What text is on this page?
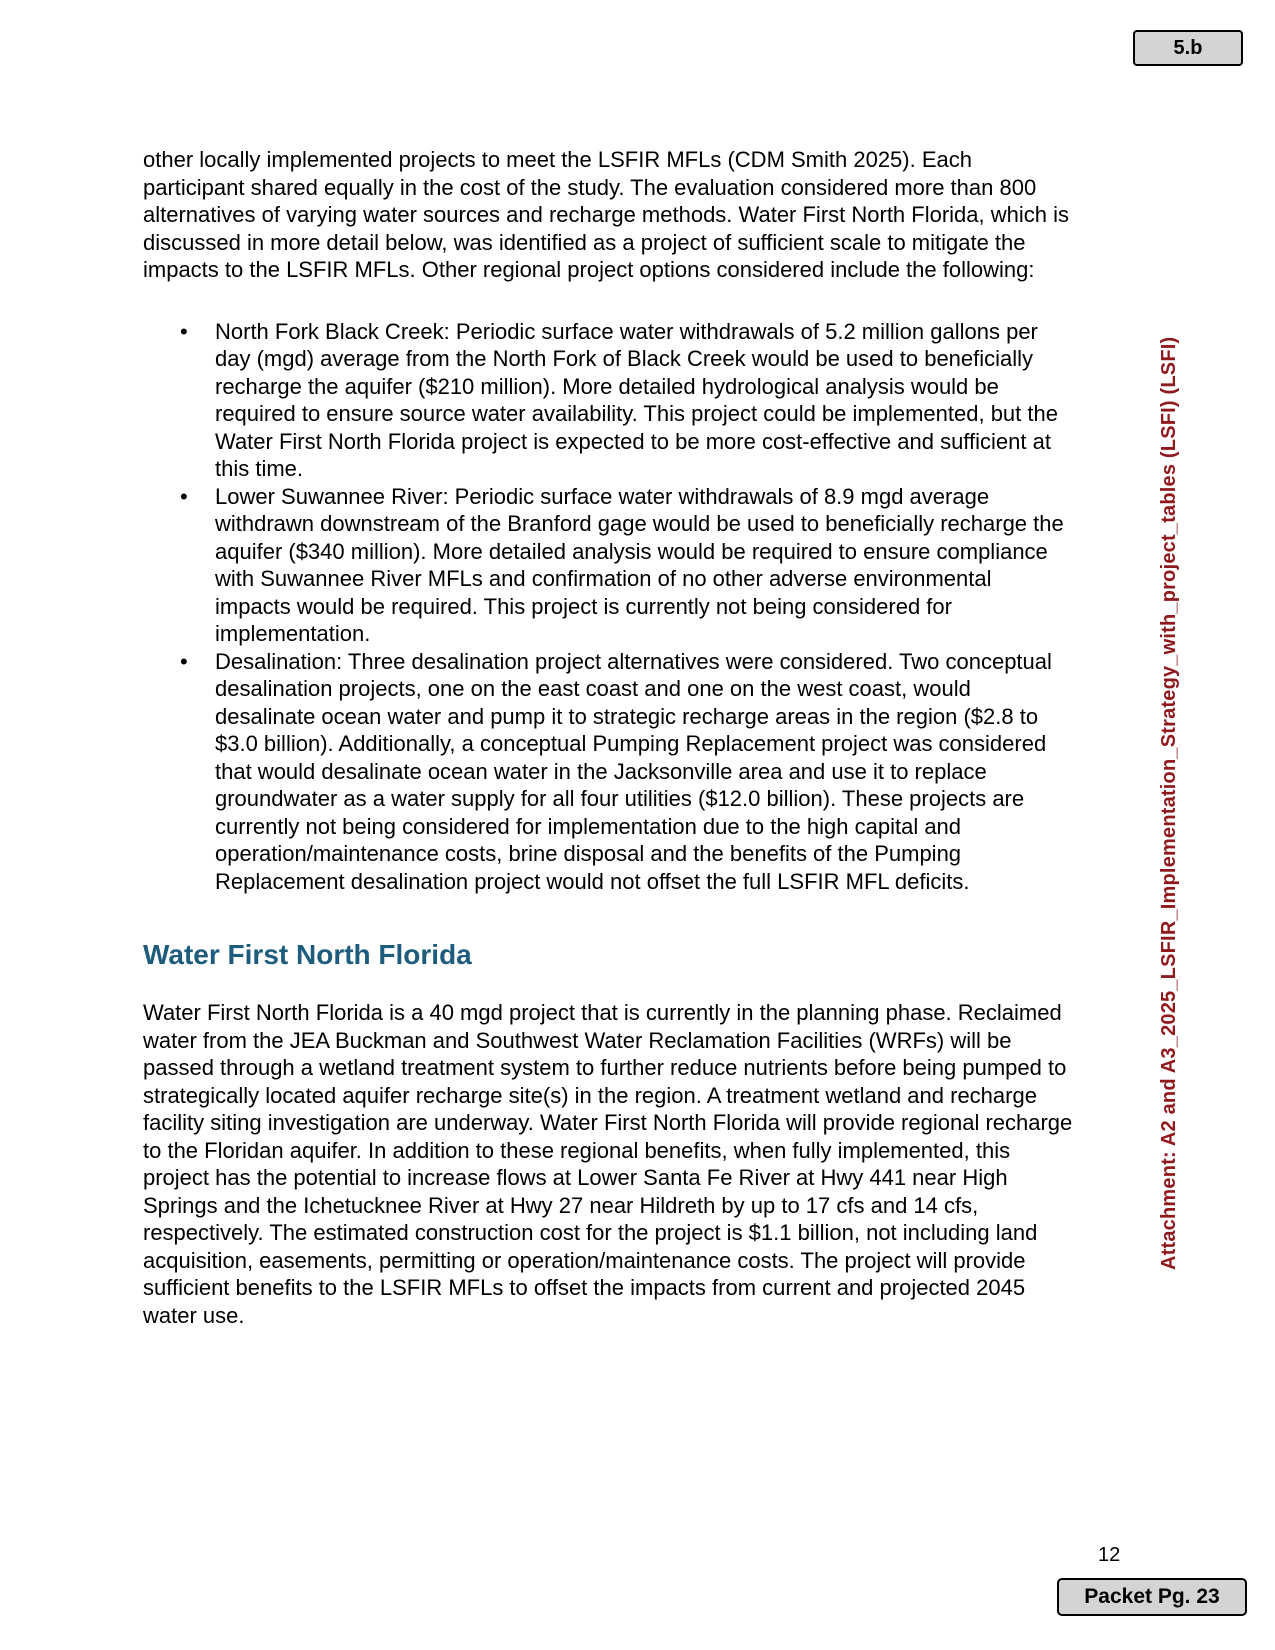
5.b

other locally implemented projects to meet the LSFIR MFLs (CDM Smith 2025). Each participant shared equally in the cost of the study. The evaluation considered more than 800 alternatives of varying water sources and recharge methods. Water First North Florida, which is discussed in more detail below, was identified as a project of sufficient scale to mitigate the impacts to the LSFIR MFLs. Other regional project options considered include the following:

• North Fork Black Creek: Periodic surface water withdrawals of 5.2 million gallons per day (mgd) average from the North Fork of Black Creek would be used to beneficially recharge the aquifer ($210 million). More detailed hydrological analysis would be required to ensure source water availability. This project could be implemented, but the Water First North Florida project is expected to be more cost-effective and sufficient at this time.
• Lower Suwannee River: Periodic surface water withdrawals of 8.9 mgd average withdrawn downstream of the Branford gage would be used to beneficially recharge the aquifer ($340 million). More detailed analysis would be required to ensure compliance with Suwannee River MFLs and confirmation of no other adverse environmental impacts would be required. This project is currently not being considered for implementation.
• Desalination: Three desalination project alternatives were considered. Two conceptual desalination projects, one on the east coast and one on the west coast, would desalinate ocean water and pump it to strategic recharge areas in the region ($2.8 to $3.0 billion). Additionally, a conceptual Pumping Replacement project was considered that would desalinate ocean water in the Jacksonville area and use it to replace groundwater as a water supply for all four utilities ($12.0 billion). These projects are currently not being considered for implementation due to the high capital and operation/maintenance costs, brine disposal and the benefits of the Pumping Replacement desalination project would not offset the full LSFIR MFL deficits.
Water First North Florida

Water First North Florida is a 40 mgd project that is currently in the planning phase. Reclaimed water from the JEA Buckman and Southwest Water Reclamation Facilities (WRFs) will be passed through a wetland treatment system to further reduce nutrients before being pumped to strategically located aquifer recharge site(s) in the region. A treatment wetland and recharge facility siting investigation are underway. Water First North Florida will provide regional recharge to the Floridan aquifer. In addition to these regional benefits, when fully implemented, this project has the potential to increase flows at Lower Santa Fe River at Hwy 441 near High Springs and the Ichetucknee River at Hwy 27 near Hildreth by up to 17 cfs and 14 cfs, respectively. The estimated construction cost for the project is $1.1 billion, not including land acquisition, easements, permitting or operation/maintenance costs. The project will provide sufficient benefits to the LSFIR MFLs to offset the impacts from current and projected 2045 water use.

Attachment: A2 and A3_2025_LSFIR_Implementation_Strategy_with_project_tables (LSFI) (LSFI)
12
Packet Pg. 23
